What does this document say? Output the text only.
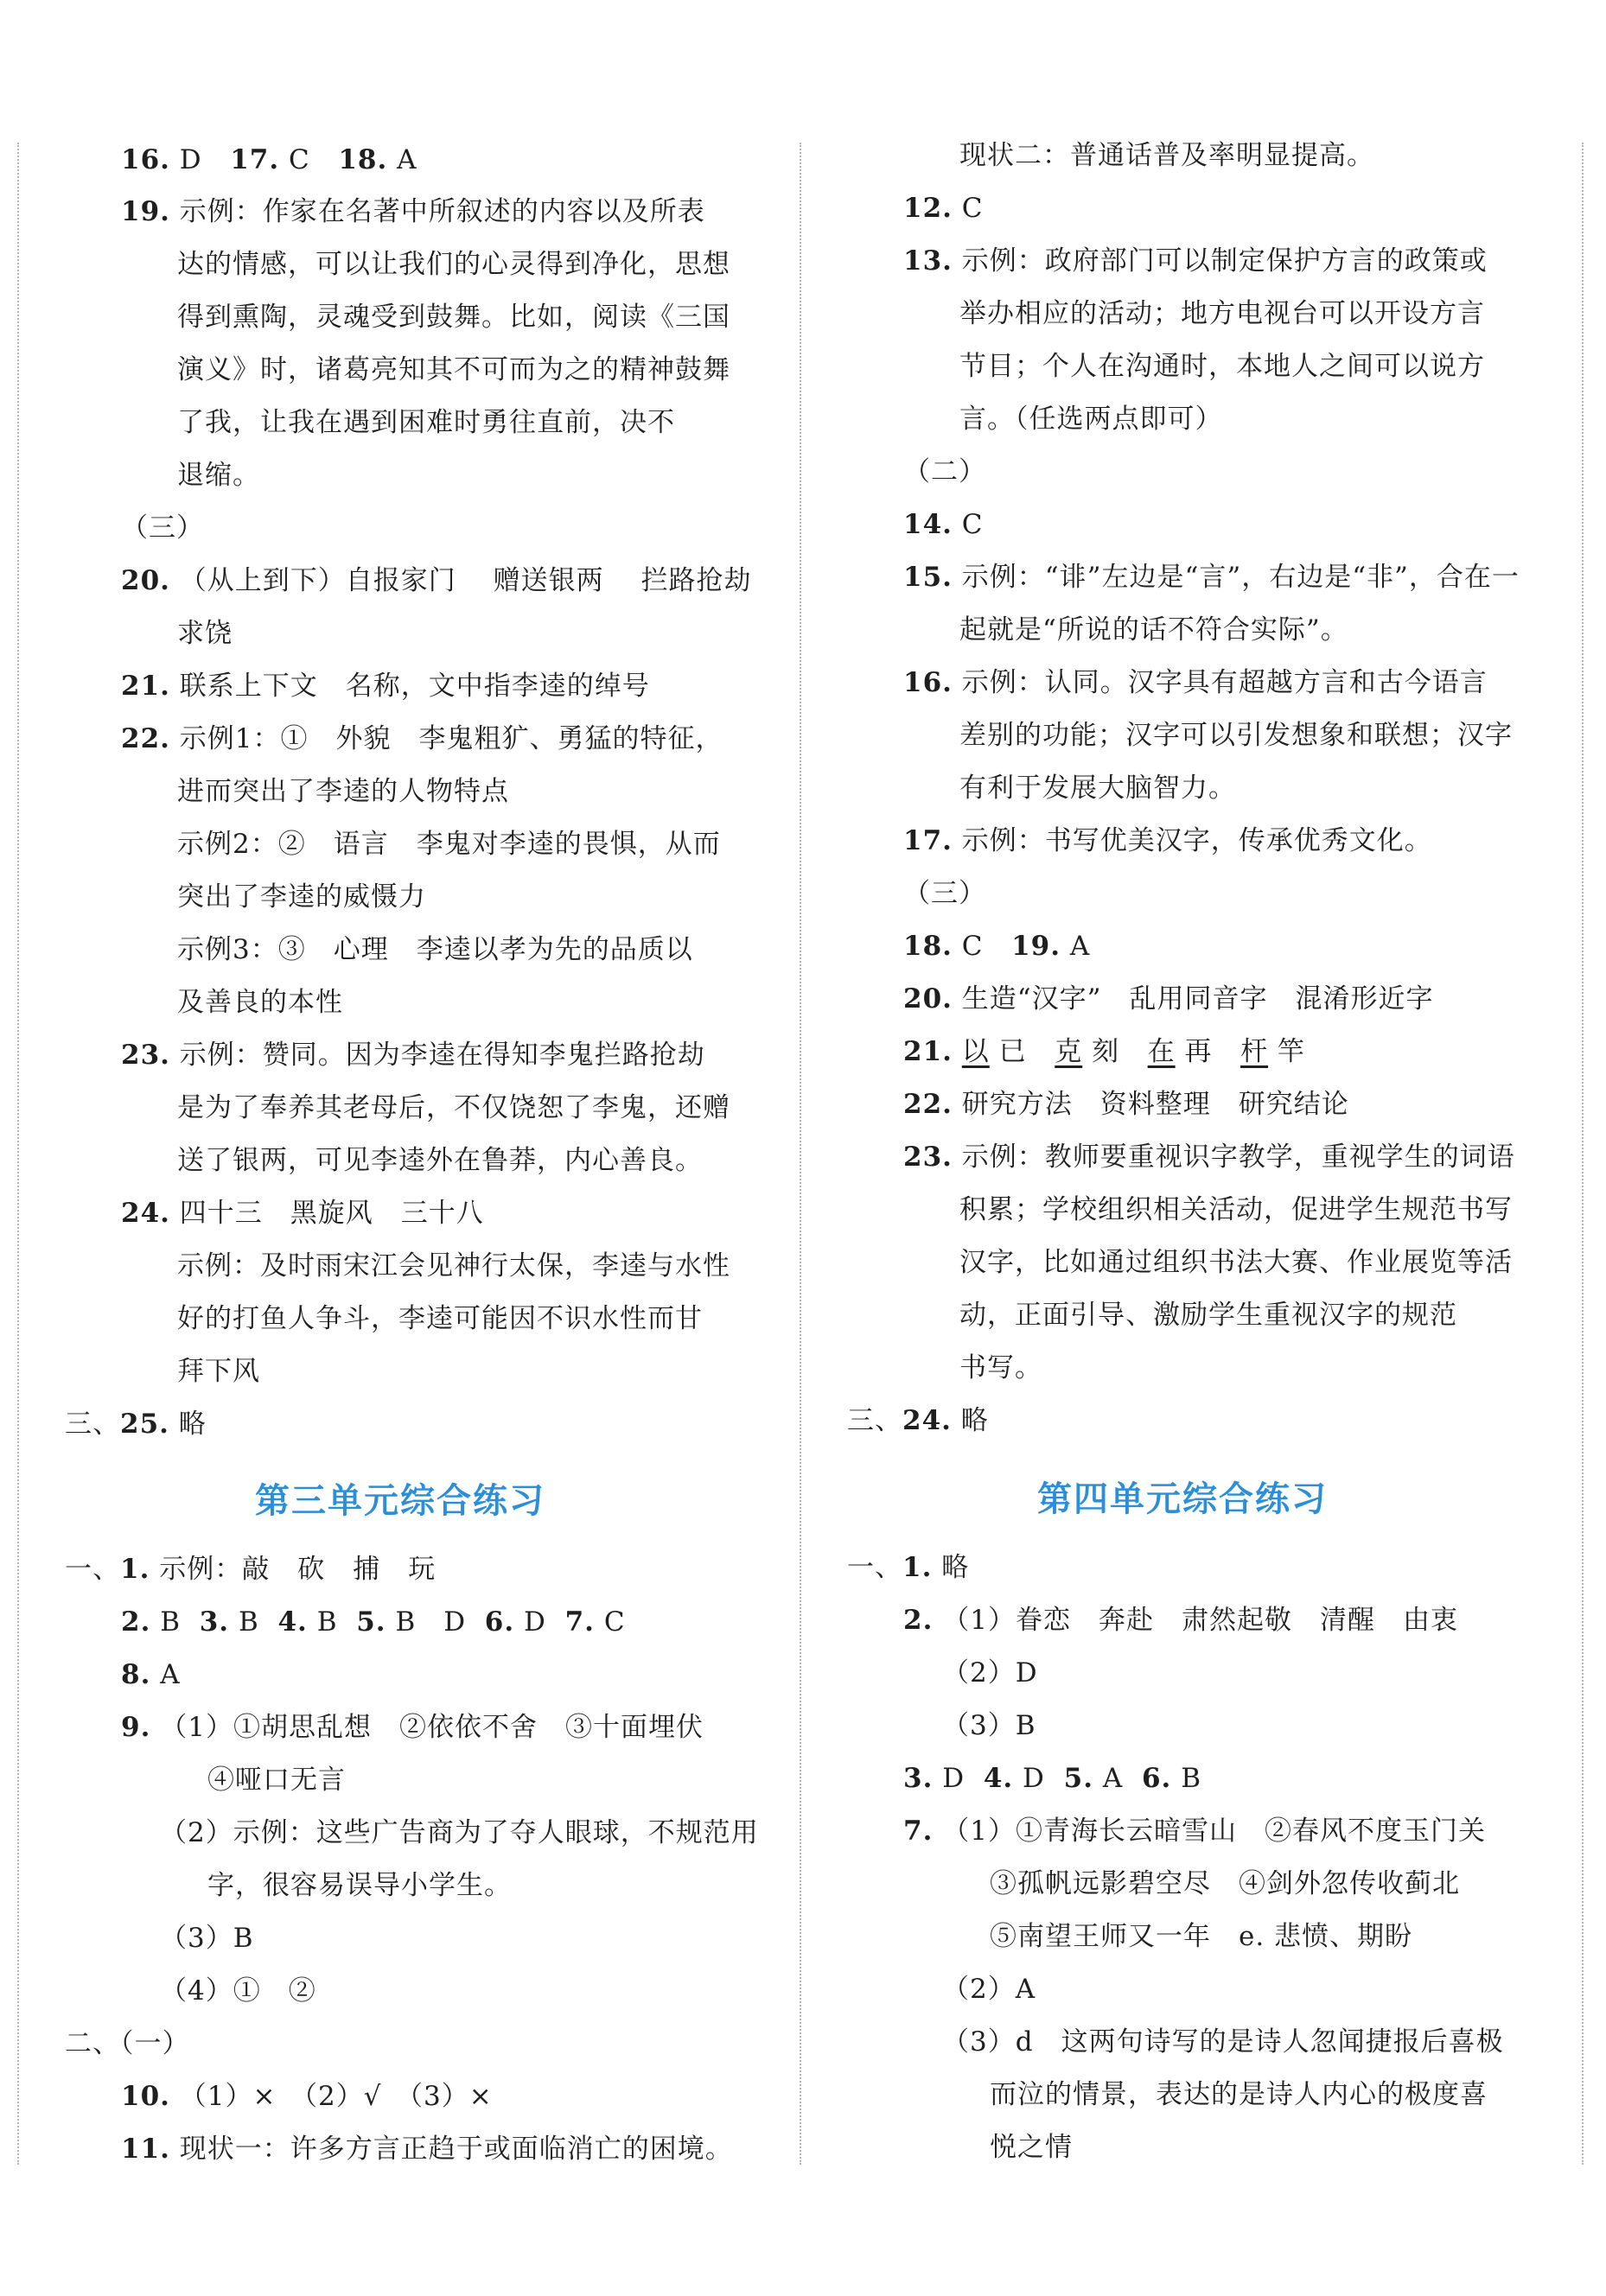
16. D 17. C 18. A
19. 示例：作家在名著中所叙述的内容以及所表
达的情感，可以让我们的心灵得到净化，思想
得到熏陶，灵魂受到鼓舞。比如，阅读《三国
演义》时，诸葛亮知其不可而为之的精神鼓舞
了我，让我在遇到困难时勇往直前，决不
退缩。
（三）
20. （从上到下）自报家门　 赠送银两　 拦路抢劫
求饶
21. 联系上下文　名称，文中指李逵的绰号
22. 示例1：①　外貌　李鬼粗犷、勇猛的特征，
进而突出了李逵的人物特点
示例2：②　语言　李鬼对李逵的畏惧，从而
突出了李逵的威慑力
示例3：③　心理　李逵以孝为先的品质以
及善良的本性
23. 示例：赞同。因为李逵在得知李鬼拦路抢劫
是为了奉养其老母后，不仅饶恕了李鬼，还赠
送了银两，可见李逵外在鲁莽，内心善良。
24. 四十三　黑旋风　三十八
示例：及时雨宋江会见神行太保，李逵与水性
好的打鱼人争斗，李逵可能因不识水性而甘
拜下风
三、25. 略
第三单元综合练习
一、1. 示例：敲　砍　捕　玩
2. B 3. B 4. B 5. B　D 6. D 7. C
8. A
9. （1）①胡思乱想　②依依不舍　③十面埋伏
④哑口无言
（2）示例：这些广告商为了夺人眼球，不规范用
字，很容易误导小学生。
（3）B
（4）①　②
二、（一）
10. （1）×　（2）√　（3）×
11. 现状一：许多方言正趋于或面临消亡的困境。
现状二：普通话普及率明显提高。
12. C
13. 示例：政府部门可以制定保护方言的政策或
举办相应的活动；地方电视台可以开设方言
节目；个人在沟通时，本地人之间可以说方
言。（任选两点即可）
（二）
14. C
15. 示例：“诽”左边是“言”，右边是“非”，合在一
起就是“所说的话不符合实际”。
16. 示例：认同。汉字具有超越方言和古今语言
差别的功能；汉字可以引发想象和联想；汉字
有利于发展大脑智力。
17. 示例：书写优美汉字，传承优秀文化。
（三）
18. C 19. A
20. 生造“汉字”　乱用同音字　混淆形近字
21. 以 已 克 刻 在 再 杆 竿
22. 研究方法　资料整理　研究结论
23. 示例：教师要重视识字教学，重视学生的词语
积累；学校组织相关活动，促进学生规范书写
汉字，比如通过组织书法大赛、作业展览等活
动，正面引导、激励学生重视汉字的规范
书写。
三、24. 略
第四单元综合练习
一、1. 略
2. （1）眷恋　奔赴　肃然起敬　清醒　由衷
（2）D
（3）B
3. D 4. D 5. A 6. B
7. （1）①青海长云暗雪山　②春风不度玉门关
③孤帆远影碧空尽　④剑外忽传收蓟北
⑤南望王师又一年　e. 悲愤、期盼
（2）A
（3）d　这两句诗写的是诗人忽闻捷报后喜极
而泣的情景，表达的是诗人内心的极度喜
悦之情
